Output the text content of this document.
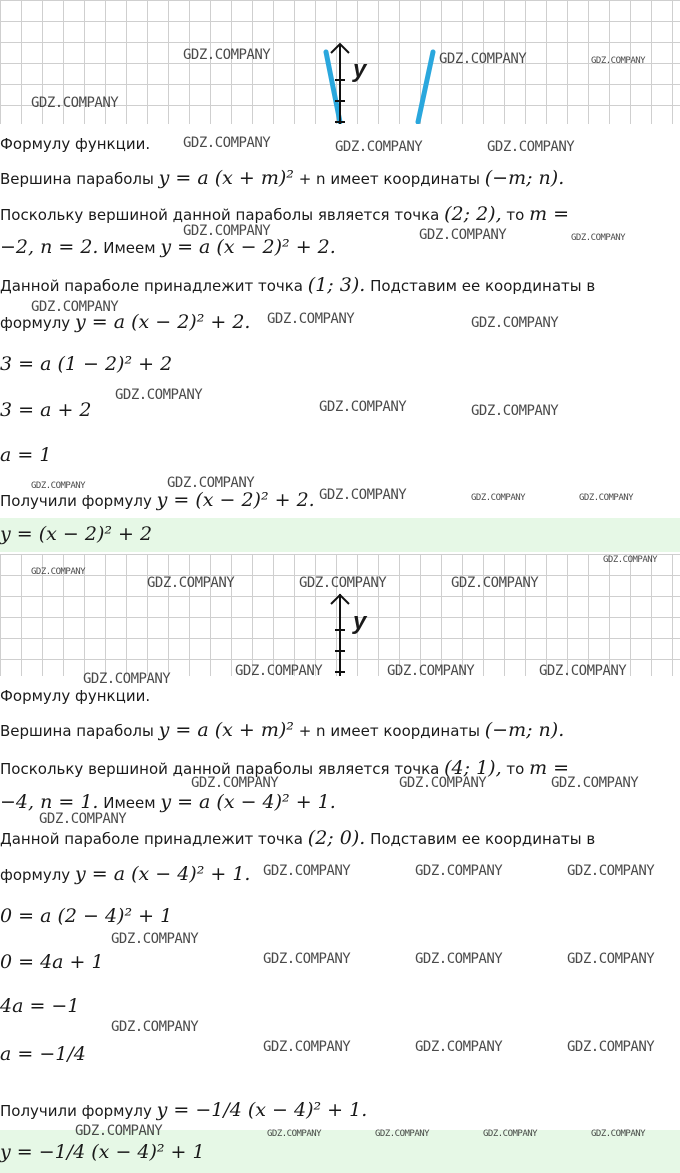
y
Формулу функции.
Вершина параболы y = a (x + m)² + n имеет координаты (−m; n).
Поскольку вершиной данной параболы является точка (2; 2), то m =
−2, n = 2. Имеем y = a (x − 2)² + 2.
Данной параболе принадлежит точка (1; 3). Подставим ее координаты в
формулу y = a (x − 2)² + 2.
3 = a (1 − 2)² + 2
3 = a + 2
a = 1
Получили формулу y = (x − 2)² + 2.
y = (x − 2)² + 2
y
Формулу функции.
Вершина параболы y = a (x + m)² + n имеет координаты (−m; n).
Поскольку вершиной данной параболы является точка (4; 1), то m =
−4, n = 1. Имеем y = a (x − 4)² + 1.
Данной параболе принадлежит точка (2; 0). Подставим ее координаты в
формулу y = a (x − 4)² + 1.
0 = a (2 − 4)² + 1
0 = 4a + 1
4a = −1
a = −1/4
Получили формулу y = −1/4 (x − 4)² + 1.
y = −1/4 (x − 4)² + 1
GDZ.COMPANY	GDZ.COMPANY	GDZ.COMPANY
GDZ.COMPANY
GDZ.COMPANY	GDZ.COMPANY	GDZ.COMPANY
GDZ.COMPANY	GDZ.COMPANY	GDZ.COMPANY
GDZ.COMPANY
GDZ.COMPANY	GDZ.COMPANY
GDZ.COMPANY
GDZ.COMPANY	GDZ.COMPANY
GDZ.COMPANY	GDZ.COMPANY
GDZ.COMPANY	GDZ.COMPANY	GDZ.COMPANY
GDZ.COMPANY
GDZ.COMPANY
GDZ.COMPANY	GDZ.COMPANY	GDZ.COMPANY
GDZ.COMPANY	GDZ.COMPANY	GDZ.COMPANY	GDZ.COMPANY
GDZ.COMPANY	GDZ.COMPANY	GDZ.COMPANY
GDZ.COMPANY
GDZ.COMPANY	GDZ.COMPANY	GDZ.COMPANY
GDZ.COMPANY
GDZ.COMPANY	GDZ.COMPANY	GDZ.COMPANY
GDZ.COMPANY
GDZ.COMPANY	GDZ.COMPANY	GDZ.COMPANY
GDZ.COMPANY	GDZ.COMPANY	GDZ.COMPANY	GDZ.COMPANY	GDZ.COMPANY
